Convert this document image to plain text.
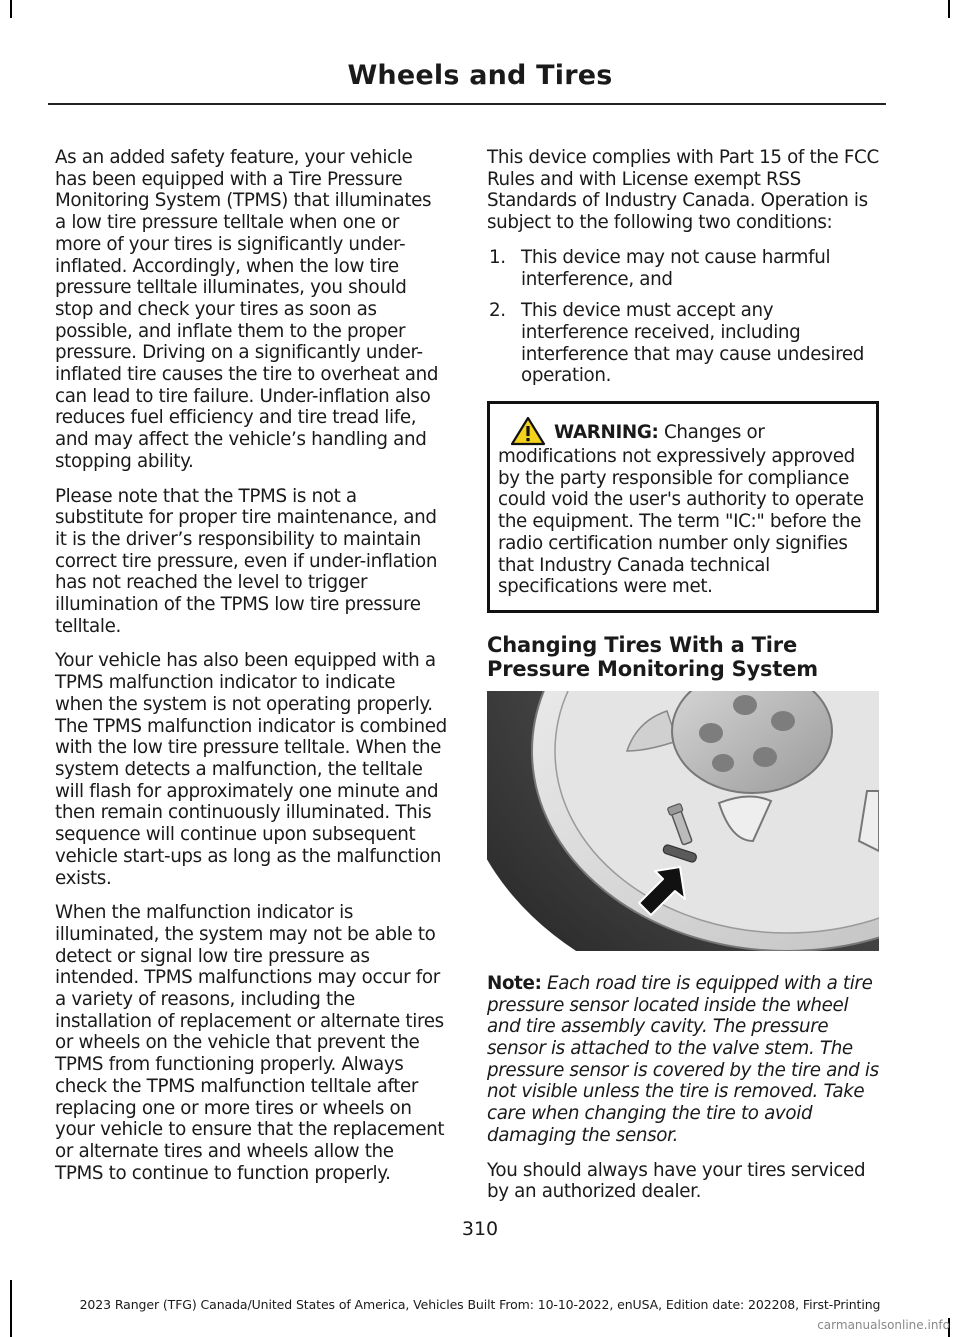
Wheels and Tires

As an added safety feature, your vehicle has been equipped with a Tire Pressure Monitoring System (TPMS) that illuminates a low tire pressure telltale when one or more of your tires is significantly under-inflated. Accordingly, when the low tire pressure telltale illuminates, you should stop and check your tires as soon as possible, and inflate them to the proper pressure. Driving on a significantly under-inflated tire causes the tire to overheat and can lead to tire failure. Under-inflation also reduces fuel efficiency and tire tread life, and may affect the vehicle’s handling and stopping ability.

Please note that the TPMS is not a substitute for proper tire maintenance, and it is the driver’s responsibility to maintain correct tire pressure, even if under-inflation has not reached the level to trigger illumination of the TPMS low tire pressure telltale.

Your vehicle has also been equipped with a TPMS malfunction indicator to indicate when the system is not operating properly. The TPMS malfunction indicator is combined with the low tire pressure telltale. When the system detects a malfunction, the telltale will flash for approximately one minute and then remain continuously illuminated. This sequence will continue upon subsequent vehicle start-ups as long as the malfunction exists.

When the malfunction indicator is illuminated, the system may not be able to detect or signal low tire pressure as intended. TPMS malfunctions may occur for a variety of reasons, including the installation of replacement or alternate tires or wheels on the vehicle that prevent the TPMS from functioning properly. Always check the TPMS malfunction telltale after replacing one or more tires or wheels on your vehicle to ensure that the replacement or alternate tires and wheels allow the TPMS to continue to function properly.

This device complies with Part 15 of the FCC Rules and with License exempt RSS Standards of Industry Canada. Operation is subject to the following two conditions:

1. This device may not cause harmful interference, and
2. This device must accept any interference received, including interference that may cause undesired operation.
WARNING: Changes or modifications not expressively approved by the party responsible for compliance could void the user's authority to operate the equipment. The term "IC:" before the radio certification number only signifies that Industry Canada technical specifications were met.
Changing Tires With a Tire Pressure Monitoring System

Note: Each road tire is equipped with a tire pressure sensor located inside the wheel and tire assembly cavity. The pressure sensor is attached to the valve stem. The pressure sensor is covered by the tire and is not visible unless the tire is removed. Take care when changing the tire to avoid damaging the sensor.

You should always have your tires serviced by an authorized dealer.

310
2023 Ranger (TFG) Canada/United States of America, Vehicles Built From: 10-10-2022, enUSA, Edition date: 202208, First-Printing
carmanualsonline.info
